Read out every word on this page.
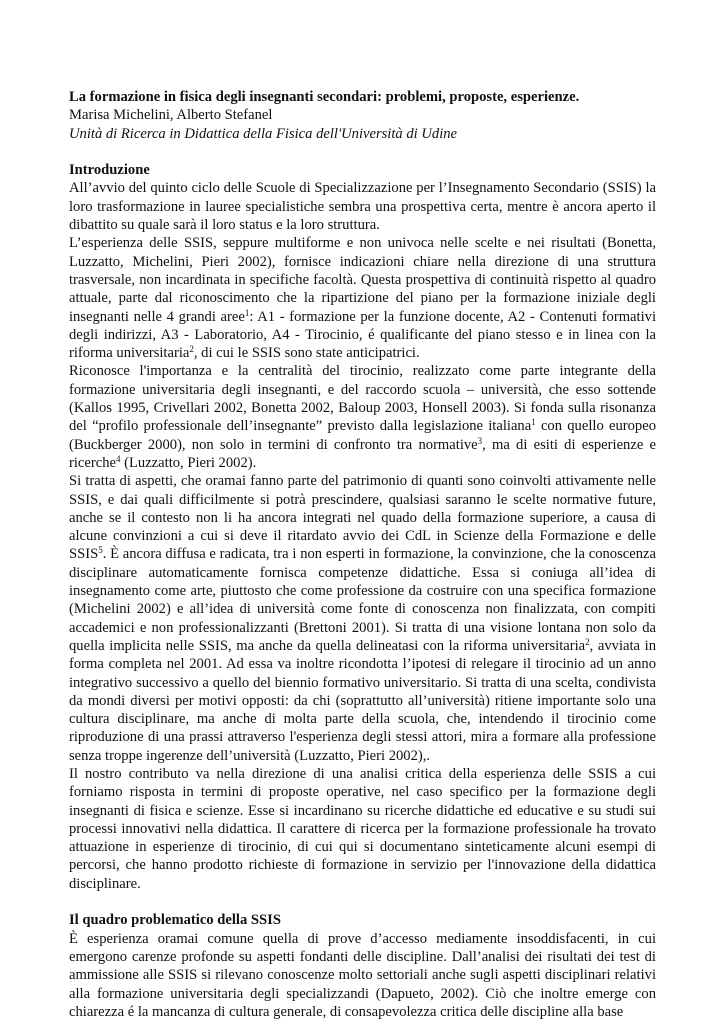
La formazione in fisica degli insegnanti secondari: problemi, proposte, esperienze.

Marisa Michelini, Alberto Stefanel

Unità di Ricerca in Didattica della Fisica dell'Università di Udine

Introduzione

All’avvio del quinto ciclo delle Scuole di Specializzazione per l’Insegnamento Secondario (SSIS) la loro trasformazione in lauree specialistiche sembra una prospettiva certa, mentre è ancora aperto il dibattito su quale sarà il loro status e la loro struttura.

L’esperienza delle SSIS, seppure multiforme e non univoca nelle scelte e nei risultati (Bonetta, Luzzatto, Michelini, Pieri 2002), fornisce indicazioni chiare nella direzione di una struttura trasversale, non incardinata in specifiche facoltà. Questa prospettiva di continuità rispetto al quadro attuale, parte dal riconoscimento che la ripartizione del piano per la formazione iniziale degli insegnanti nelle 4 grandi aree$^1$: A1 - formazione per la funzione docente, A2 - Contenuti formativi degli indirizzi, A3 - Laboratorio, A4 - Tirocinio, é qualificante del piano stesso e in linea con la riforma universitaria$^2$, di cui le SSIS sono state anticipatrici.

Riconosce l'importanza e la centralità del tirocinio, realizzato come parte integrante della formazione universitaria degli insegnanti, e del raccordo scuola – università, che esso sottende (Kallos 1995, Crivellari 2002, Bonetta 2002, Baloup 2003, Honsell 2003). Si fonda sulla risonanza del “profilo professionale dell’insegnante” previsto dalla legislazione italiana$^1$ con quello europeo (Buckberger 2000), non solo in termini di confronto tra normative$^3$, ma di esiti di esperienze e ricerche$^4$ (Luzzatto, Pieri 2002).

Si tratta di aspetti, che oramai fanno parte del patrimonio di quanti sono coinvolti attivamente nelle SSIS, e dai quali difficilmente si potrà prescindere, qualsiasi saranno le scelte normative future, anche se il contesto non li ha ancora integrati nel quado della formazione superiore, a causa di alcune convinzioni a cui si deve il ritardato avvio dei CdL in Scienze della Formazione e delle SSIS$^5$. È ancora diffusa e radicata, tra i non esperti in formazione, la convinzione, che la conoscenza disciplinare automaticamente fornisca competenze didattiche. Essa si coniuga all’idea di insegnamento come arte, piuttosto che come professione da costruire con una specifica formazione (Michelini 2002) e all’idea di università come fonte di conoscenza non finalizzata, con compiti accademici e non professionalizzanti (Brettoni 2001). Si tratta di una visione lontana non solo da quella implicita nelle SSIS, ma anche da quella delineatasi con la riforma universitaria$^2$, avviata in forma completa nel 2001. Ad essa va inoltre ricondotta l’ipotesi di relegare il tirocinio ad un anno integrativo successivo a quello del biennio formativo universitario. Si tratta di una scelta, condivista da mondi diversi per motivi opposti: da chi (soprattutto all’università) ritiene importante solo una cultura disciplinare, ma anche di molta parte della scuola, che, intendendo il tirocinio come riproduzione di una prassi attraverso l'esperienza degli stessi attori, mira a formare alla professione senza troppe ingerenze dell’università (Luzzatto, Pieri 2002),.

Il nostro contributo va nella direzione di una analisi critica della esperienza delle SSIS a cui forniamo risposta in termini di proposte operative, nel caso specifico per la formazione degli insegnanti di fisica e scienze. Esse si incardinano su ricerche didattiche ed educative e su studi sui processi innovativi nella didattica. Il carattere di ricerca per la formazione professionale ha trovato attuazione in esperienze di tirocinio, di cui qui si documentano sinteticamente alcuni esempi di percorsi, che hanno prodotto richieste di formazione in servizio per l'innovazione della didattica disciplinare.

Il quadro problematico della SSIS

È esperienza oramai comune quella di prove d’accesso mediamente insoddisfacenti, in cui emergono carenze profonde su aspetti fondanti delle discipline. Dall’analisi dei risultati dei test di ammissione alle SSIS si rilevano conoscenze molto settoriali anche sugli aspetti disciplinari relativi alla formazione universitaria degli specializzandi (Dapueto, 2002). Ciò che inoltre emerge con chiarezza é la mancanza di cultura generale, di consapevolezza critica delle discipline alla base
